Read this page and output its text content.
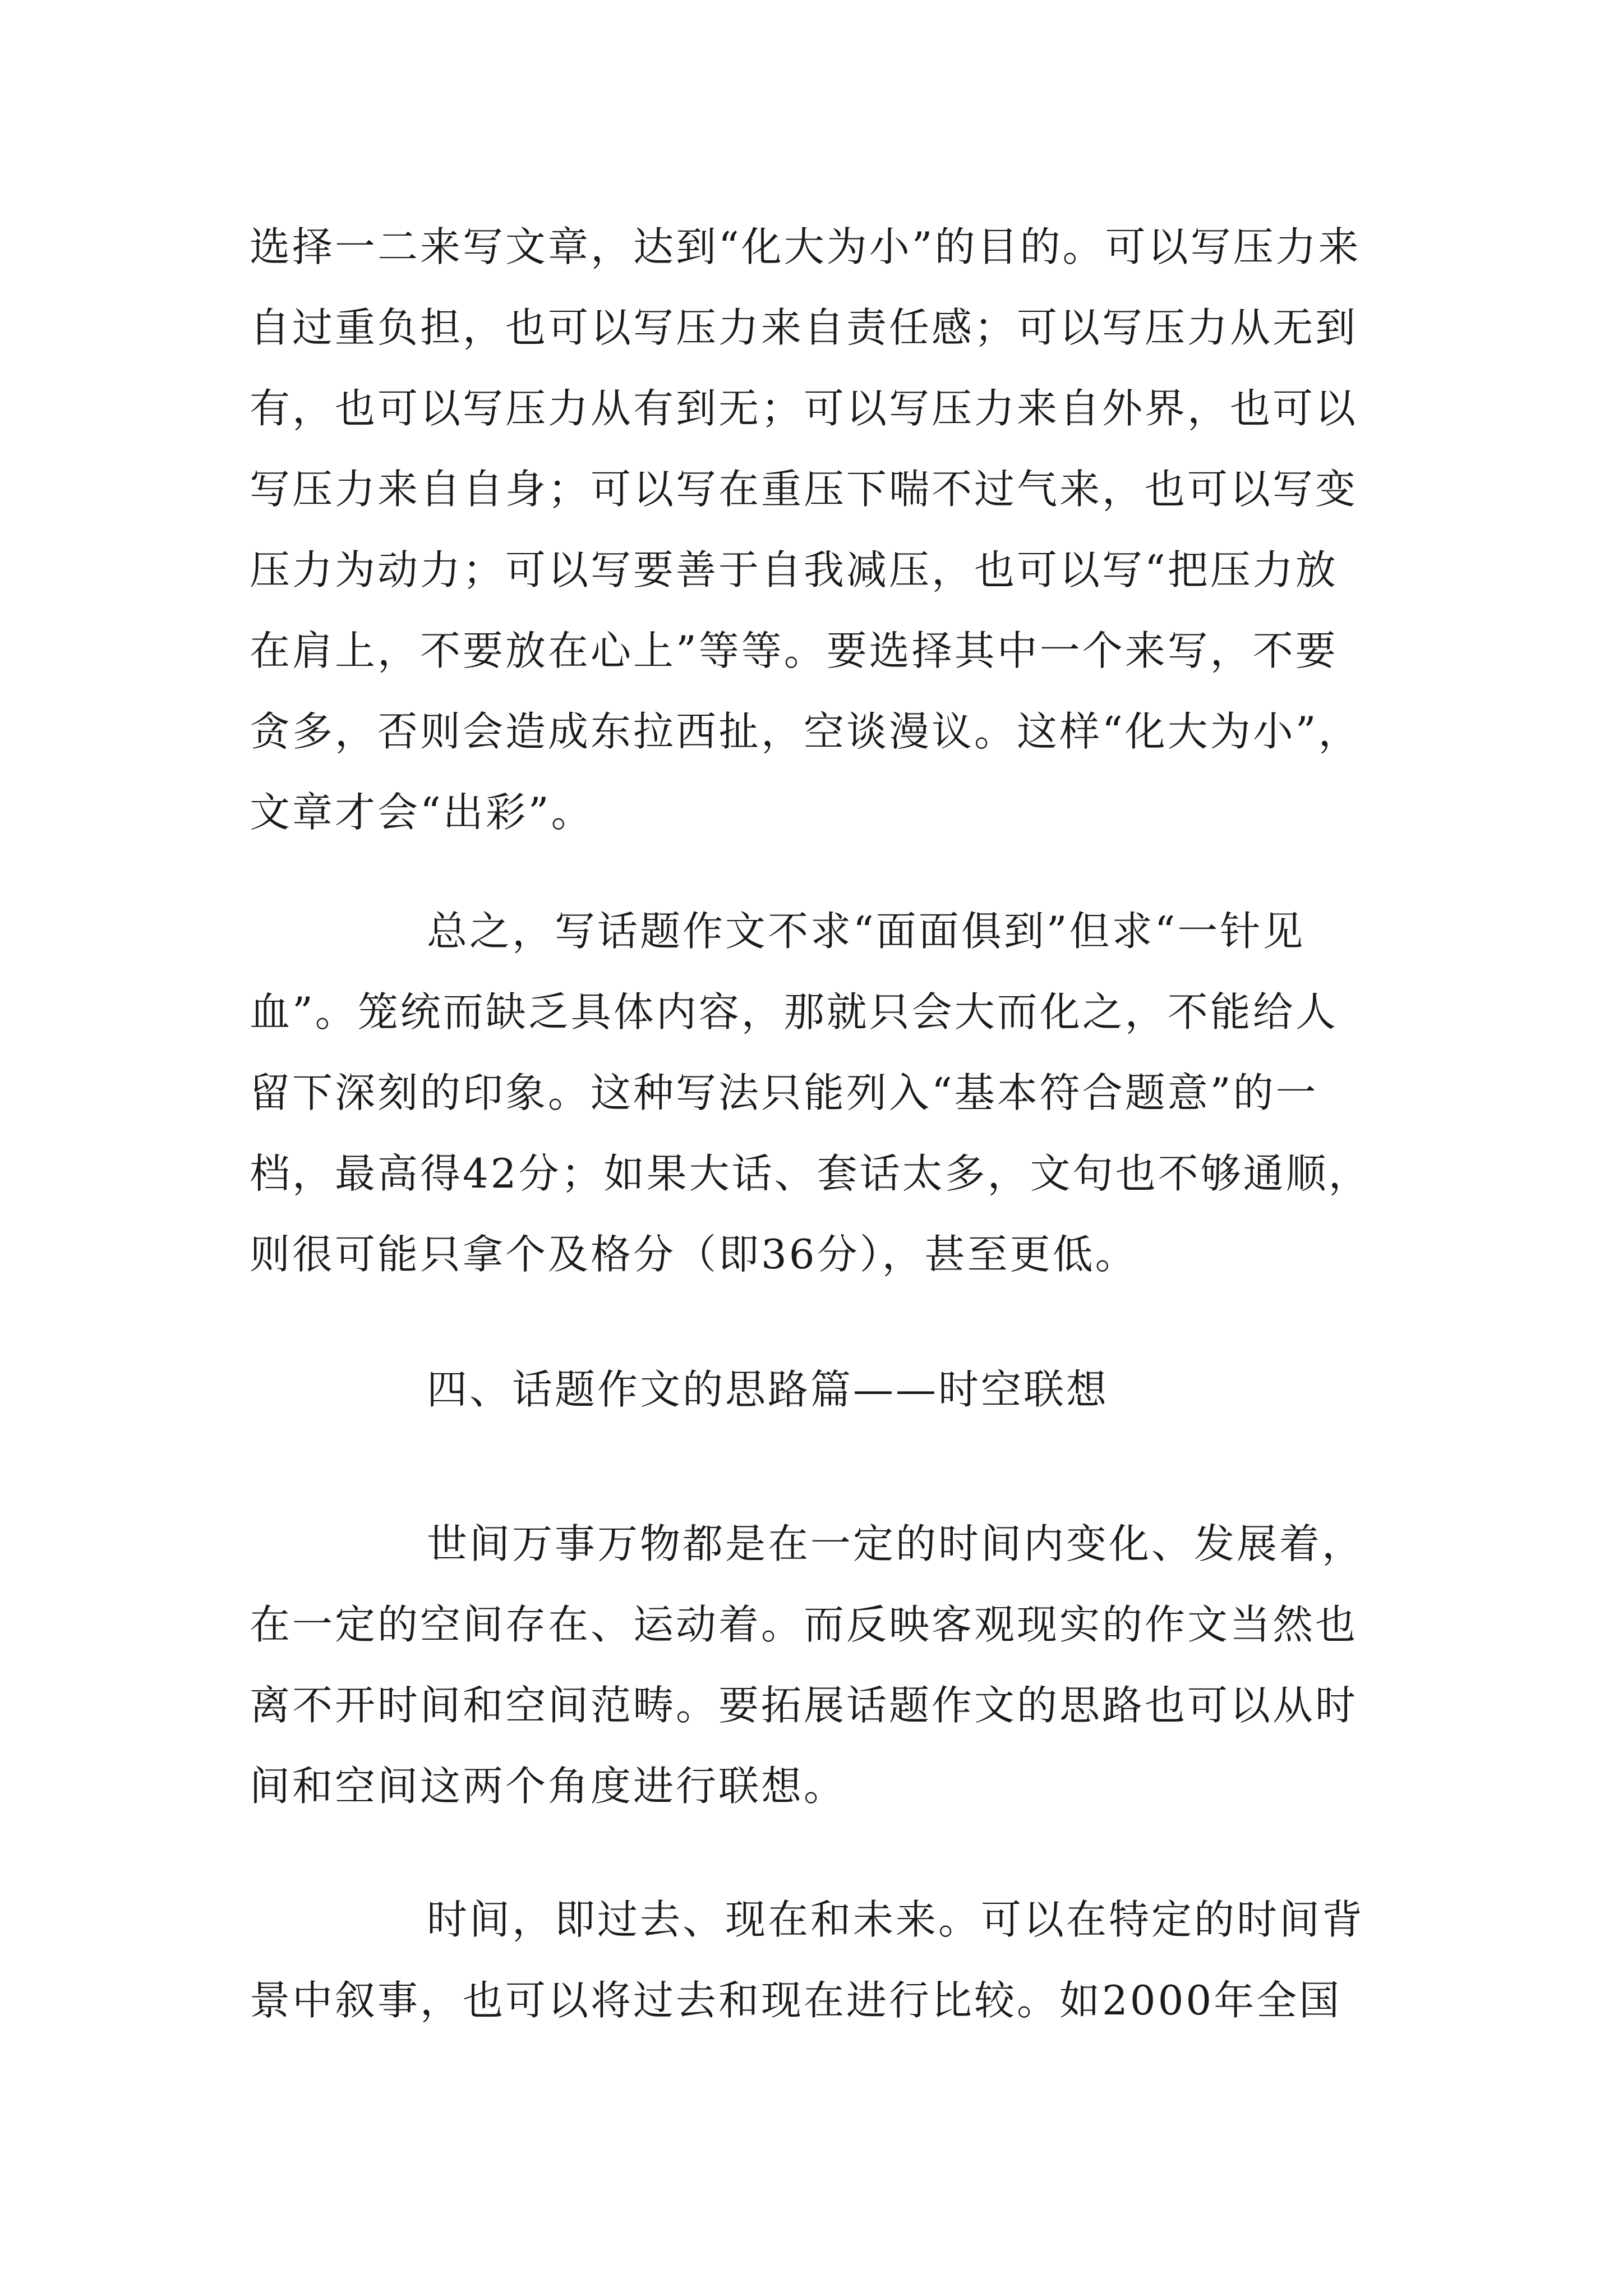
选择一二来写文章，达到“化大为小”的目的。可以写压力来自过重负担，也可以写压力来自责任感；可以写压力从无到有，也可以写压力从有到无；可以写压力来自外界，也可以写压力来自自身；可以写在重压下喘不过气来，也可以写变压力为动力；可以写要善于自我减压，也可以写“把压力放在肩上，不要放在心上”等等。要选择其中一个来写，不要贪多，否则会造成东拉西扯，空谈漫议。这样“化大为小”，文章才会“出彩”。

总之，写话题作文不求“面面俱到”但求“一针见血”。笼统而缺乏具体内容，那就只会大而化之，不能给人留下深刻的印象。这种写法只能列入“基本符合题意”的一档，最高得42分；如果大话、套话太多，文句也不够通顺，则很可能只拿个及格分（即36分），甚至更低。

四、话题作文的思路篇——时空联想

世间万事万物都是在一定的时间内变化、发展着，在一定的空间存在、运动着。而反映客观现实的作文当然也离不开时间和空间范畴。要拓展话题作文的思路也可以从时间和空间这两个角度进行联想。

时间，即过去、现在和未来。可以在特定的时间背景中叙事，也可以将过去和现在进行比较。如2000年全国
